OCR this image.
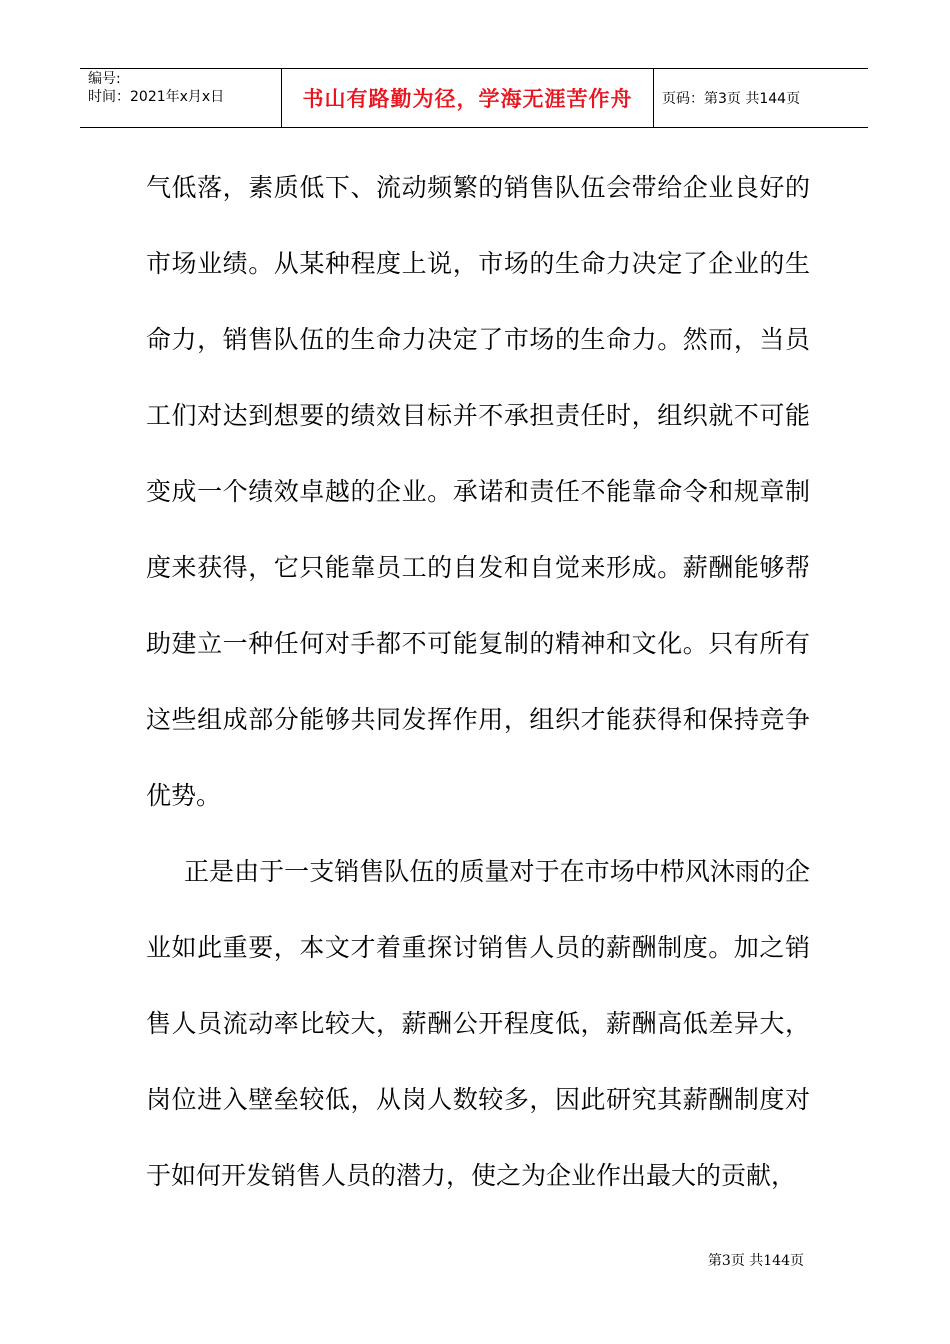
编号:
时间：2021年x月x日	书山有路勤为径，学海无涯苦作舟	页码：第3页 共144页

气低落，素质低下、流动频繁的销售队伍会带给企业良好的市场业绩。从某种程度上说，市场的生命力决定了企业的生命力，销售队伍的生命力决定了市场的生命力。然而，当员工们对达到想要的绩效目标并不承担责任时，组织就不可能变成一个绩效卓越的企业。承诺和责任不能靠命令和规章制度来获得，它只能靠员工的自发和自觉来形成。薪酬能够帮助建立一种任何对手都不可能复制的精神和文化。只有所有这些组成部分能够共同发挥作用，组织才能获得和保持竞争优势。

正是由于一支销售队伍的质量对于在市场中栉风沐雨的企业如此重要，本文才着重探讨销售人员的薪酬制度。加之销售人员流动率比较大，薪酬公开程度低，薪酬高低差异大，岗位进入壁垒较低，从岗人数较多，因此研究其薪酬制度对于如何开发销售人员的潜力，使之为企业作出最大的贡献，

第3页 共144页
